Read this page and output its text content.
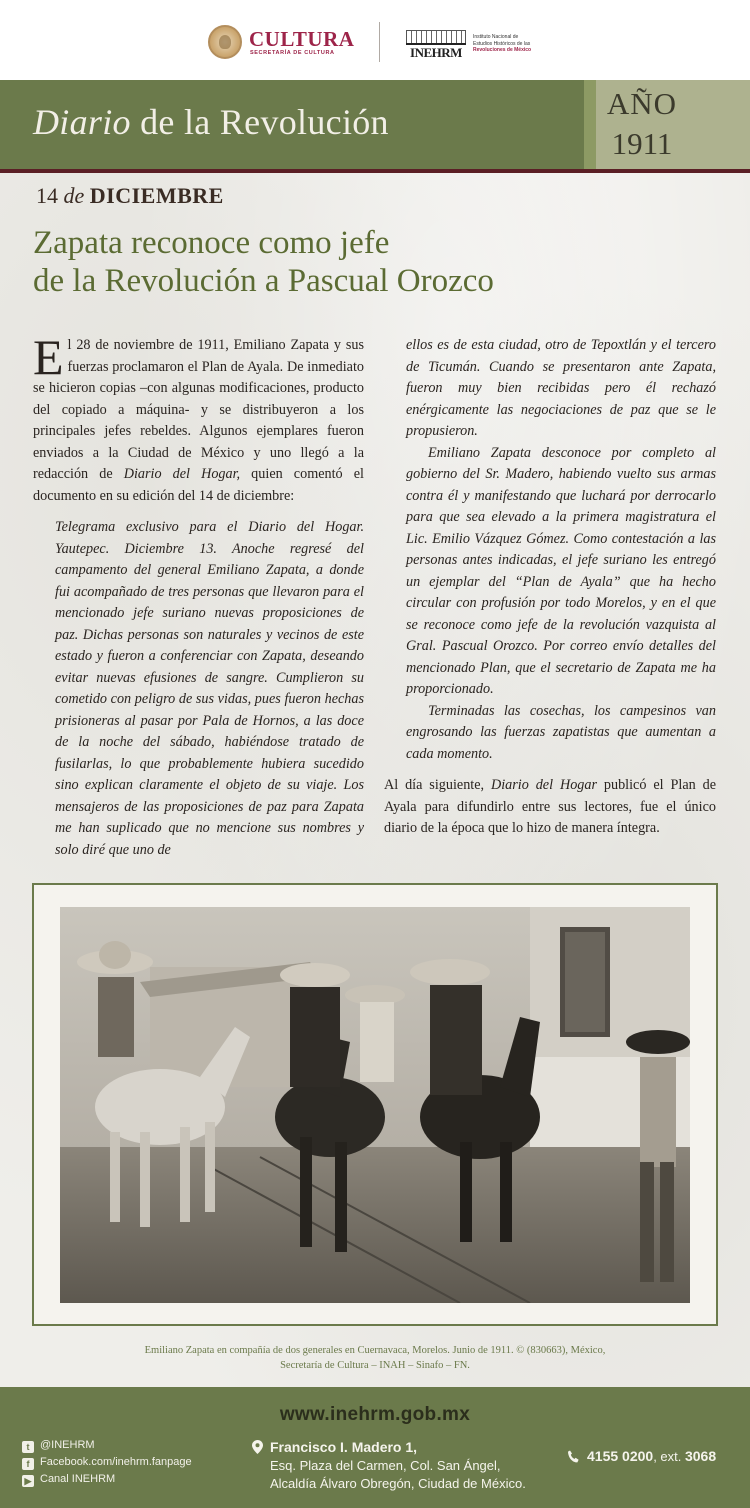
CULTURA
SECRETARÍA DE CULTURA	INEHRM
Instituto Nacional de
Estudios Históricos de las
Revoluciones de México
Diario de la Revolución	AÑO
1911
14 de DICIEMBRE
Zapata reconoce como jefe
de la Revolución a Pascual Orozco

El 28 de noviembre de 1911, Emiliano Zapata y sus fuerzas proclamaron el Plan de Ayala. De inmediato se hicieron copias –con algunas modificaciones, producto del copiado a máquina- y se distribuyeron a los principales jefes rebeldes. Algunos ejemplares fueron enviados a la Ciudad de México y uno llegó a la redacción de Diario del Hogar, quien comentó el documento en su edición del 14 de diciembre:

Telegrama exclusivo para el Diario del Hogar. Yautepec. Diciembre 13. Anoche regresé del campamento del general Emiliano Zapata, a donde fui acompañado de tres personas que llevaron para el mencionado jefe suriano nuevas proposiciones de paz. Dichas personas son naturales y vecinos de este estado y fueron a conferenciar con Zapata, deseando evitar nuevas efusiones de sangre. Cumplieron su cometido con peligro de sus vidas, pues fueron hechas prisioneras al pasar por Pala de Hornos, a las doce de la noche del sábado, habiéndose tratado de fusilarlas, lo que probablemente hubiera sucedido sino explican claramente el objeto de su viaje. Los mensajeros de las proposiciones de paz para Zapata me han suplicado que no mencione sus nombres y solo diré que uno de

ellos es de esta ciudad, otro de Tepoxtlán y el tercero de Ticumán. Cuando se presentaron ante Zapata, fueron muy bien recibidas pero él rechazó enérgicamente las negociaciones de paz que se le propusieron.

Emiliano Zapata desconoce por completo al gobierno del Sr. Madero, habiendo vuelto sus armas contra él y manifestando que luchará por derrocarlo para que sea elevado a la primera magistratura el Lic. Emilio Vázquez Gómez. Como contestación a las personas antes indicadas, el jefe suriano les entregó un ejemplar del “Plan de Ayala” que ha hecho circular con profusión por todo Morelos, y en el que se reconoce como jefe de la revolución vazquista al Gral. Pascual Orozco. Por correo envío detalles del mencionado Plan, que el secretario de Zapata me ha proporcionado.

Terminadas las cosechas, los campesinos van engrosando las fuerzas zapatistas que aumentan a cada momento.

Al día siguiente, Diario del Hogar publicó el Plan de Ayala para difundirlo entre sus lectores, fue el único diario de la época que lo hizo de manera íntegra.

Emiliano Zapata en compañía de dos generales en Cuernavaca, Morelos. Junio de 1911. © (830663), México,
Secretaría de Cultura – INAH – Sinafo – FN.
www.inehrm.gob.mx
t @INEHRM
f Facebook.com/inehrm.fanpage
▶ Canal INEHRM
Francisco I. Madero 1,
Esq. Plaza del Carmen, Col. San Ángel,
Alcaldía Álvaro Obregón, Ciudad de México.
4155 0200, ext. 3068
